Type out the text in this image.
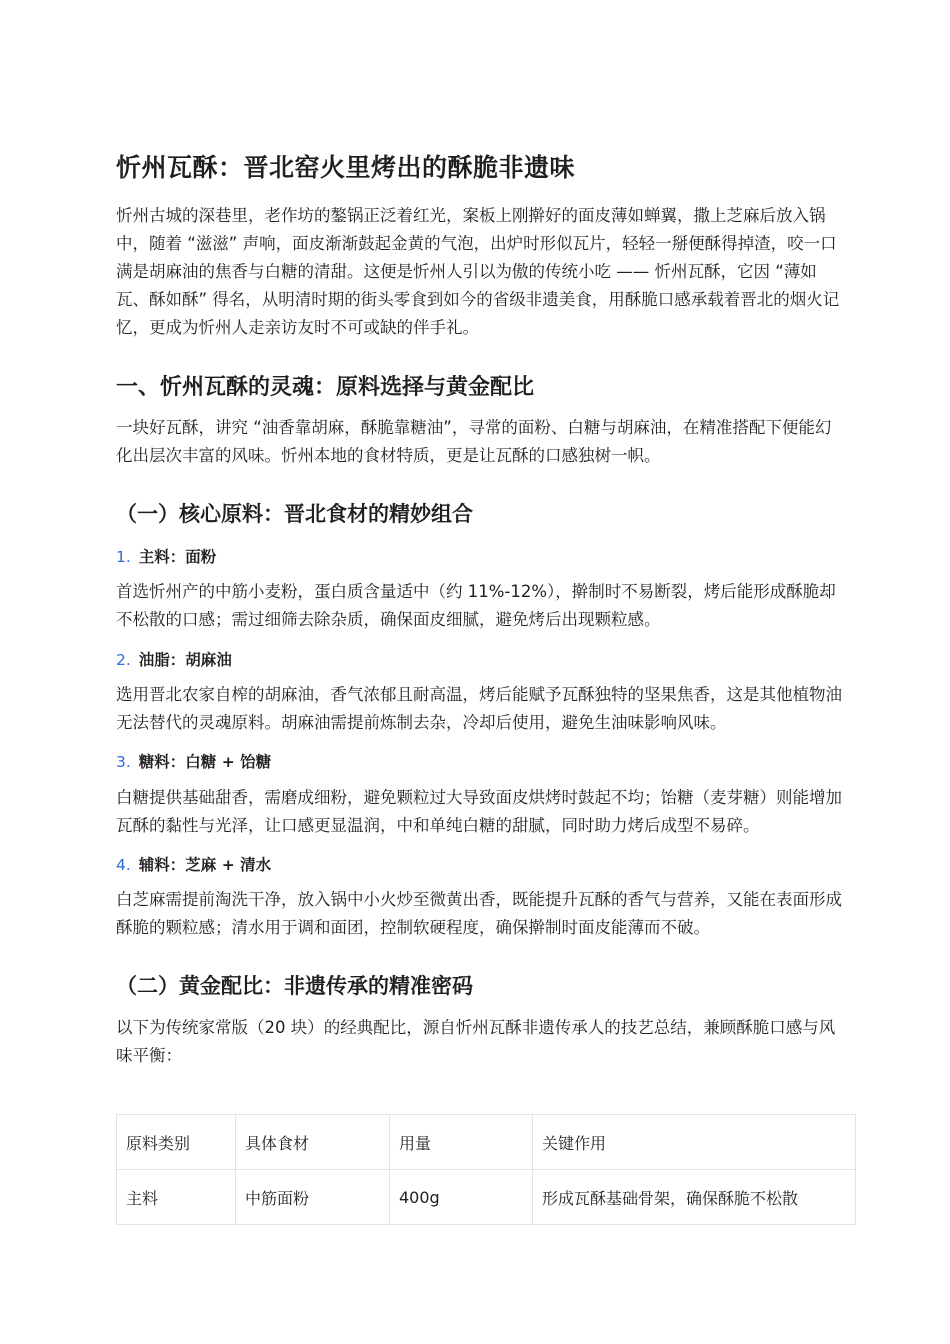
忻州瓦酥：晋北窑火里烤出的酥脆非遗味

忻州古城的深巷里，老作坊的鏊锅正泛着红光，案板上刚擀好的面皮薄如蝉翼，撒上芝麻后放入锅中，随着 “滋滋” 声响，面皮渐渐鼓起金黄的气泡，出炉时形似瓦片，轻轻一掰便酥得掉渣，咬一口满是胡麻油的焦香与白糖的清甜。这便是忻州人引以为傲的传统小吃 —— 忻州瓦酥，它因 “薄如瓦、酥如酥” 得名，从明清时期的街头零食到如今的省级非遗美食，用酥脆口感承载着晋北的烟火记忆，更成为忻州人走亲访友时不可或缺的伴手礼。

一、忻州瓦酥的灵魂：原料选择与黄金配比

一块好瓦酥，讲究 “油香靠胡麻，酥脆靠糖油”，寻常的面粉、白糖与胡麻油，在精准搭配下便能幻化出层次丰富的风味。忻州本地的食材特质，更是让瓦酥的口感独树一帜。

（一）核心原料：晋北食材的精妙组合
1. 主料：面粉

首选忻州产的中筋小麦粉，蛋白质含量适中（约 11%-12%），擀制时不易断裂，烤后能形成酥脆却不松散的口感；需过细筛去除杂质，确保面皮细腻，避免烤后出现颗粒感。

2. 油脂：胡麻油

选用晋北农家自榨的胡麻油，香气浓郁且耐高温，烤后能赋予瓦酥独特的坚果焦香，这是其他植物油无法替代的灵魂原料。胡麻油需提前炼制去杂，冷却后使用，避免生油味影响风味。

3. 糖料：白糖 + 饴糖

白糖提供基础甜香，需磨成细粉，避免颗粒过大导致面皮烘烤时鼓起不均；饴糖（麦芽糖）则能增加瓦酥的黏性与光泽，让口感更显温润，中和单纯白糖的甜腻，同时助力烤后成型不易碎。

4. 辅料：芝麻 + 清水

白芝麻需提前淘洗干净，放入锅中小火炒至微黄出香，既能提升瓦酥的香气与营养，又能在表面形成酥脆的颗粒感；清水用于调和面团，控制软硬程度，确保擀制时面皮能薄而不破。

（二）黄金配比：非遗传承的精准密码

以下为传统家常版（20 块）的经典配比，源自忻州瓦酥非遗传承人的技艺总结，兼顾酥脆口感与风味平衡：

原料类别	具体食材	用量	关键作用
主料	中筋面粉	400g	形成瓦酥基础骨架，确保酥脆不松散
